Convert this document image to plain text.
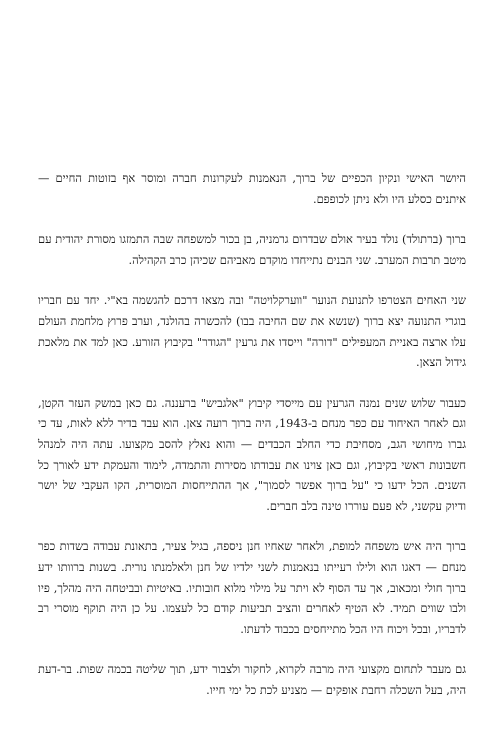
היושר האישי ונקיון הכפיים של ברוך, הנאמנות לעקרונות חברה ומוסר אף בזוטות החיים — איתנים כסלע היו ולא ניתן לכופפם.

ברוך (ברתולד) נולד בעיר אולם שבדרום גרמניה, בן בכור למשפחה שבה התמזגו מסורת יהודית עם מיטב תרבות המערב. שני הבנים נתייחדו מוקדם מאביהם שכיהן כרב הקהילה.

שני האחים הצטרפו לתנועת הנוער "ווערקלויטה" ובה מצאו דרכם להגשמה בא"י. יחד עם חבריו בוגרי התנועה יצא ברוך (שנשא את שם החיבה בבו) להכשרה בהולנד, וערב פרוץ מלחמת העולם עלו ארצה באניית המעפילים "דורה" וייסדו את גרעין "הגודר" בקיבוץ הזורע. כאן למד את מלאכת גידול הצאן.

כעבור שלוש שנים נמנה הגרעין עם מייסדי קיבוץ "אלגביש" ברעננה. גם כאן במשק העזר הקטן, וגם לאחר האיחוד עם כפר מנחם ב-1943, היה ברוך רועה צאן. הוא עבד בדיר ללא לאות, עד כי גברו מיחושי הגב, מסחיבת כדי החלב הכבדים — והוא נאלץ להסב מקצועו. עתה היה למנהל חשבונות ראשי בקיבוץ, וגם כאן צוינו את עבודתו מסירות והתמדה, לימוד והעמקת ידע לאורך כל השנים. הכל ידעו כי "על ברוך אפשר לסמוך", אך ההתייחסות המוסרית, הקו העקבי של יושר ודיוק עקשני, לא פעם עוררו טינה בלב חברים.

ברוך היה איש משפחה למופת, ולאחר שאחיו חנן ניספה, בגיל צעיר, בתאונת עבודה בשדות כפר מנחם — דאגו הוא ולילו רעייתו בנאמנות לשני ילדיו של חנן ולאלמנתו נורית. בשנות ברוותו ידע ברוך חולי ומכאוב, אך עד הסוף לא ויתר על מילוי מלוא חובותיו. באיטיות ובביטחה היה מהלך, פיו ולבו שווים תמיד. לא הטיף לאחרים והציב תביעות קודם כל לעצמו. על כן היה תוקף מוסרי רב לדבריו, ובכל ויכוח היו הכל מתייחסים בכבוד לדעתו.

גם מעבר לתחום מקצועי היה מרבה לקרוא, לחקור ולצבור ידע, תוך שליטה בכמה שפות. בר-דעת היה, בעל השכלה רחבת אופקים — מצניע לכת כל ימי חייו.
